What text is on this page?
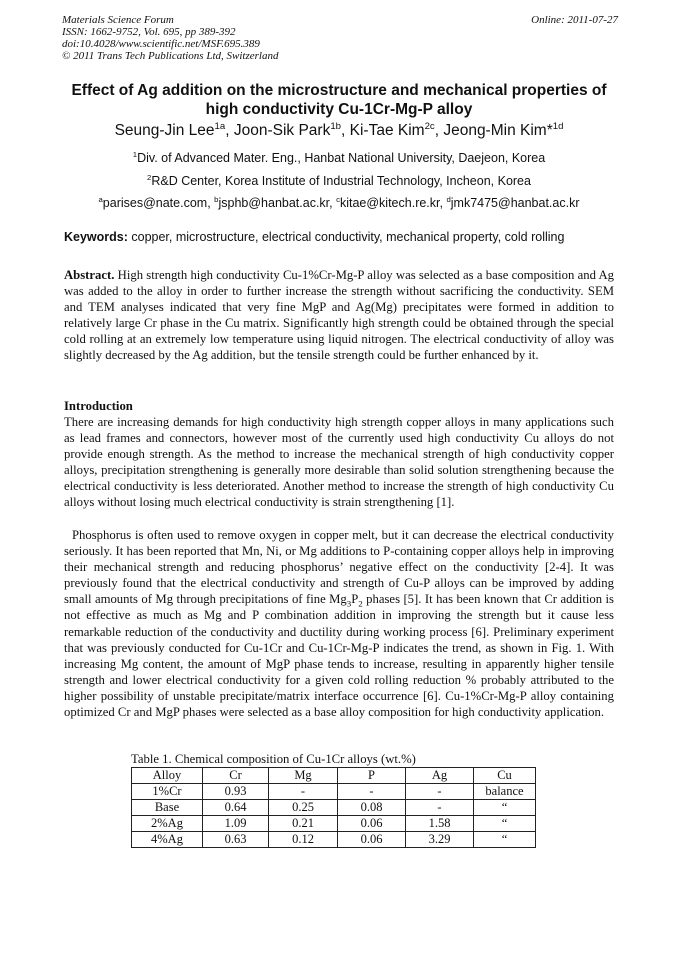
Materials Science Forum
ISSN: 1662-9752, Vol. 695, pp 389-392
doi:10.4028/www.scientific.net/MSF.695.389
© 2011 Trans Tech Publications Ltd, Switzerland
Online: 2011-07-27
Effect of Ag addition on the microstructure and mechanical properties of
high conductivity Cu-1Cr-Mg-P alloy
Seung-Jin Lee$^{1a}$, Joon-Sik Park$^{1b}$, Ki-Tae Kim$^{2c}$, Jeong-Min Kim*$^{1d}$
$^1$Div. of Advanced Mater. Eng., Hanbat National University, Daejeon, Korea
$^2$R&D Center, Korea Institute of Industrial Technology, Incheon, Korea
$^a$parises@nate.com, $^b$jsphb@hanbat.ac.kr, $^c$kitae@kitech.re.kr, $^d$jmk7475@hanbat.ac.kr
Keywords: copper, microstructure, electrical conductivity, mechanical property, cold rolling
Abstract. High strength high conductivity Cu-1%Cr-Mg-P alloy was selected as a base composition and Ag was added to the alloy in order to further increase the strength without sacrificing the conductivity. SEM and TEM analyses indicated that very fine MgP and Ag(Mg) precipitates were formed in addition to relatively large Cr phase in the Cu matrix. Significantly high strength could be obtained through the special cold rolling at an extremely low temperature using liquid nitrogen. The electrical conductivity of alloy was slightly decreased by the Ag addition, but the tensile strength could be further enhanced by it.
Introduction
There are increasing demands for high conductivity high strength copper alloys in many applications such as lead frames and connectors, however most of the currently used high conductivity Cu alloys do not provide enough strength. As the method to increase the mechanical strength of high conductivity copper alloys, precipitation strengthening is generally more desirable than solid solution strengthening because the electrical conductivity is less deteriorated. Another method to increase the strength of high conductivity Cu alloys without losing much electrical conductivity is strain strengthening [1].
Phosphorus is often used to remove oxygen in copper melt, but it can decrease the electrical conductivity seriously. It has been reported that Mn, Ni, or Mg additions to P-containing copper alloys help in improving their mechanical strength and reducing phosphorus’ negative effect on the conductivity [2-4]. It was previously found that the electrical conductivity and strength of Cu-P alloys can be improved by adding small amounts of Mg through precipitations of fine $Mg_3P_2$ phases [5]. It has been known that Cr addition is not effective as much as Mg and P combination addition in improving the strength but it cause less remarkable reduction of the conductivity and ductility during working process [6]. Preliminary experiment that was previously conducted for Cu-1Cr and Cu-1Cr-Mg-P indicates the trend, as shown in Fig. 1. With increasing Mg content, the amount of MgP phase tends to increase, resulting in apparently higher tensile strength and lower electrical conductivity for a given cold rolling reduction % probably attributed to the higher possibility of unstable precipitate/matrix interface occurrence [6]. Cu-1%Cr-Mg-P alloy containing optimized Cr and MgP phases were selected as a base alloy composition for high conductivity application.
Table 1. Chemical composition of Cu-1Cr alloys (wt.%)
Alloy	Cr	Mg	P	Ag	Cu
1%Cr	0.93	-	-	-	balance
Base	0.64	0.25	0.08	-	“
2%Ag	1.09	0.21	0.06	1.58	“
4%Ag	0.63	0.12	0.06	3.29	“
